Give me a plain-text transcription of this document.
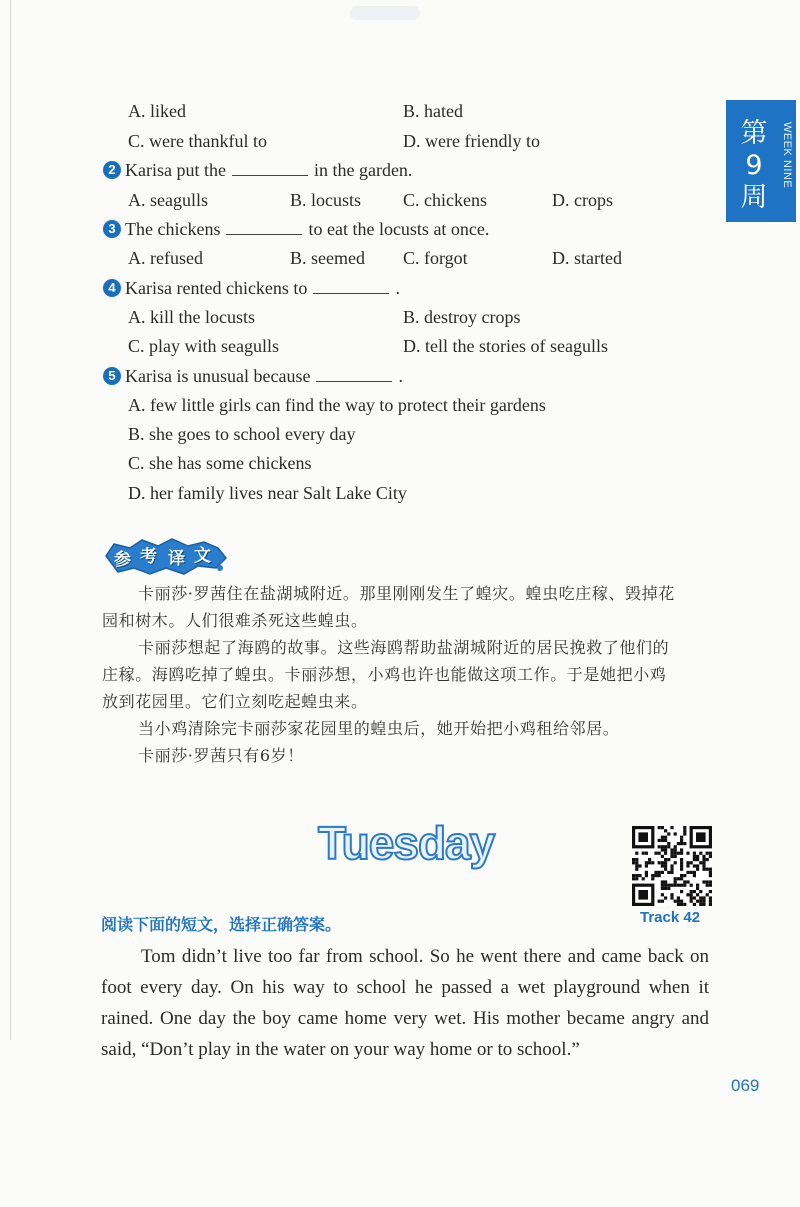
第9周
WEEK NINE
A. liked	B. hated
C. were thankful to	D. were friendly to
2 Karisa put the	in the garden.
A. seagulls	B. locusts C. chickens	D. crops
3 The chickens	to eat the locusts at once.
A. refused	B. seemed C. forgot	D. started
4 Karisa rented chickens to	.
A. kill the locusts	B. destroy crops
C. play with seagulls	D. tell the stories of seagulls
5 Karisa is unusual because	.
A. few little girls can find the way to protect their gardens
B. she goes to school every day
C. she has some chickens
D. her family lives near Salt Lake City
参 考 译 文
卡丽莎·罗茜住在盐湖城附近。那里刚刚发生了蝗灾。蝗虫吃庄稼、毁掉花
园和树木。人们很难杀死这些蝗虫。
卡丽莎想起了海鸥的故事。这些海鸥帮助盐湖城附近的居民挽救了他们的
庄稼。海鸥吃掉了蝗虫。卡丽莎想，小鸡也许也能做这项工作。于是她把小鸡
放到花园里。它们立刻吃起蝗虫来。
当小鸡清除完卡丽莎家花园里的蝗虫后，她开始把小鸡租给邻居。
卡丽莎·罗茜只有6岁！
Tuesday
Track 42
阅读下面的短文，选择正确答案。
Tom didn’t live too far from school. So he went there and came back on foot every day. On his way to school he passed a wet playground when it rained. One day the boy came home very wet. His mother became angry and said, “Don’t play in the water on your way home or to school.”
069
